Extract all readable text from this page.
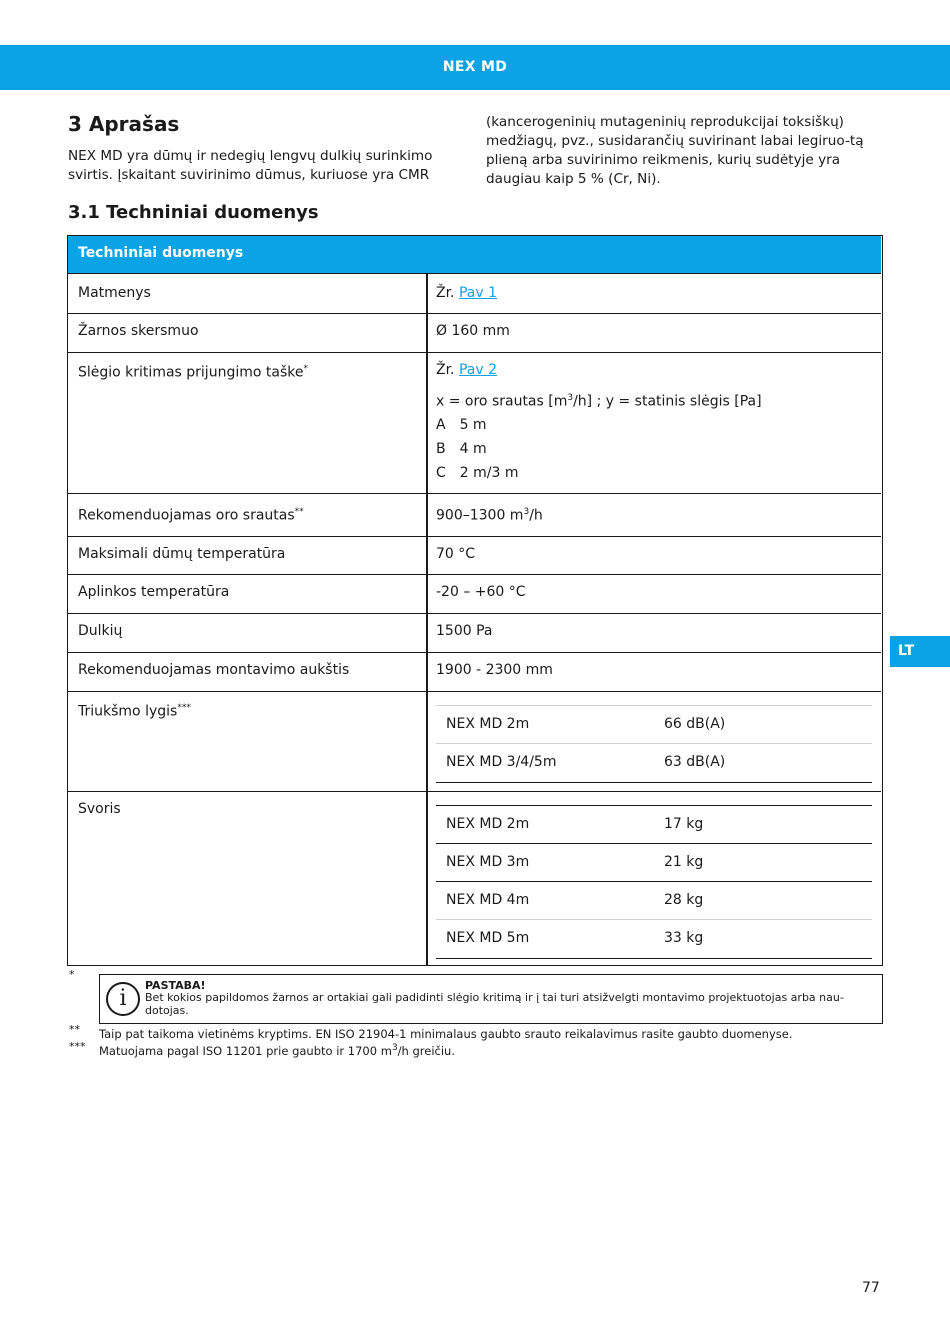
NEX MD
3 Aprašas
NEX MD yra dūmų ir nedegių lengvų dulkių surinkimo svirtis. Įskaitant suvirinimo dūmus, kuriuose yra CMR
(kancerogeninių mutageninių reprodukcijai toksiškų) medžiagų, pvz., susidarančių suvirinant labai legiruo-tą plieną arba suvirinimo reikmenis, kurių sudėtyje yra daugiau kaip 5 % (Cr, Ni).
3.1 Techniniai duomenys
Techniniai duomenys
Matmenys	Žr. Pav 1
Žarnos skersmuo	Ø 160 mm
Slėgio kritimas prijungimo taške*	Žr. Pav 2
x = oro srautas $[m^3/h]$ ; y = statinis slėgis [Pa]
A 5 m
B 4 m
C 2 m/3 m
Rekomenduojamas oro srautas**	900–1300 $m^3/h$
Maksimali dūmų temperatūra	70 °C
Aplinkos temperatūra	-20 – +60 °C
Dulkių	1500 Pa
Rekomenduojamas montavimo aukštis	1900 - 2300 mm
Triukšmo lygis***
NEX MD 2m	66 dB(A)
NEX MD 3/4/5m	63 dB(A)
Svoris
NEX MD 2m	17 kg
NEX MD 3m	21 kg
NEX MD 4m	28 kg
NEX MD 5m	33 kg
*
i
PASTABA!
Bet kokios papildomos žarnos ar ortakiai gali padidinti slėgio kritimą ir į tai turi atsižvelgti montavimo projektuotojas arba nau-dotojas.
** Taip pat taikoma vietinėms kryptims. EN ISO 21904-1 minimalaus gaubto srauto reikalavimus rasite gaubto duomenyse.
*** Matuojama pagal ISO 11201 prie gaubto ir 1700 $m^3/h$ greičiu.
LT
77
